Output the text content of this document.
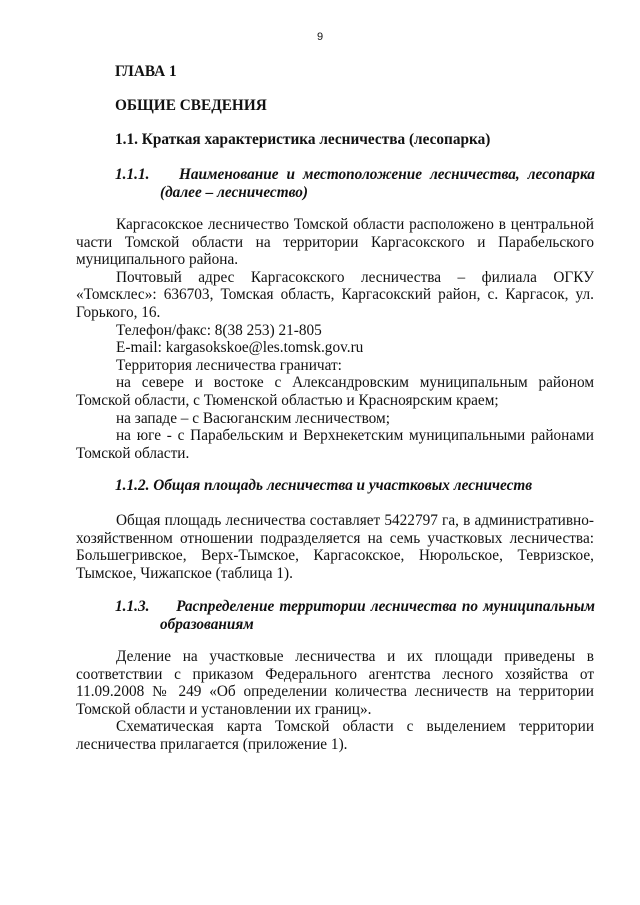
9
ГЛАВА 1
ОБЩИЕ СВЕДЕНИЯ
1.1. Краткая характеристика лесничества (лесопарка)
1.1.1.	Наименование и местоположение лесничества, лесопарка
(далее – лесничество)

Каргасокское лесничество Томской области расположено в центральной

части Томской области на территории Каргасокского и Парабельского

муниципального района.

Почтовый адрес Каргасокского лесничества – филиала ОГКУ

«Томсклес»: 636703, Томская область, Каргасокский район, с. Каргасок, ул.

Горького, 16.

Телефон/факс: 8(38 253) 21-805

E-mail: kargasokskoe@les.tomsk.gov.ru

Территория лесничества граничат:

на севере и востоке с Александровским муниципальным районом

Томской области, с Тюменской областью и Красноярским краем;

на западе – с Васюганским лесничеством;

на юге - с Парабельским и Верхнекетским муниципальными районами

Томской области.

1.1.2. Общая площадь лесничества и участковых лесничеств

Общая площадь лесничества составляет 5422797 га, в административно-

хозяйственном отношении подразделяется на семь участковых лесничества:

Большегривское, Верх-Тымское, Каргасокское, Нюрольское, Тевризское,

Тымское, Чижапское (таблица 1).

1.1.3.	Распределение территории лесничества по муниципальным
образованиям

Деление на участковые лесничества и их площади приведены в

соответствии с приказом Федерального агентства лесного хозяйства от

11.09.2008 № 249 «Об определении количества лесничеств на территории

Томской области и установлении их границ».

Схематическая карта Томской области с выделением территории

лесничества прилагается (приложение 1).
